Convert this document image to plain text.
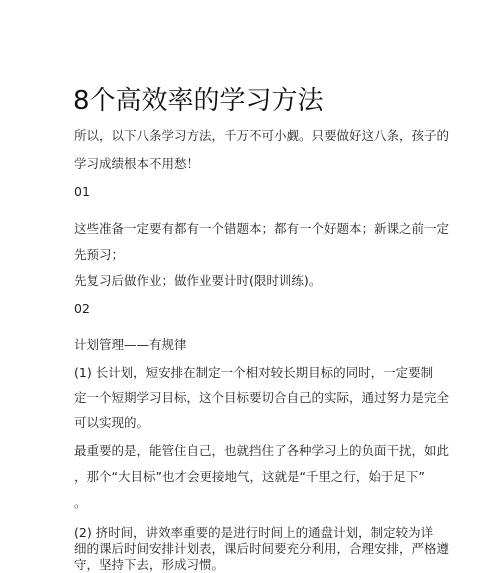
8个高效率的学习方法
所以，以下八条学习方法，千万不可小觑。只要做好这八条，孩子的
学习成绩根本不用愁！
01
这些准备一定要有都有一个错题本；都有一个好题本；新课之前一定
先预习；
先复习后做作业；做作业要计时(限时训练)。
02
计划管理——有规律
(1) 长计划，短安排在制定一个相对较长期目标的同时，一定要制
定一个短期学习目标，这个目标要切合自己的实际，通过努力是完全
可以实现的。
最重要的是，能管住自己，也就挡住了各种学习上的负面干扰，如此
，那个“大目标”也才会更接地气，这就是“千里之行，始于足下”
。
(2) 挤时间，讲效率重要的是进行时间上的通盘计划，制定较为详
细的课后时间安排计划表，课后时间要充分利用，合理安排，严格遵
守，坚持下去，形成习惯。
